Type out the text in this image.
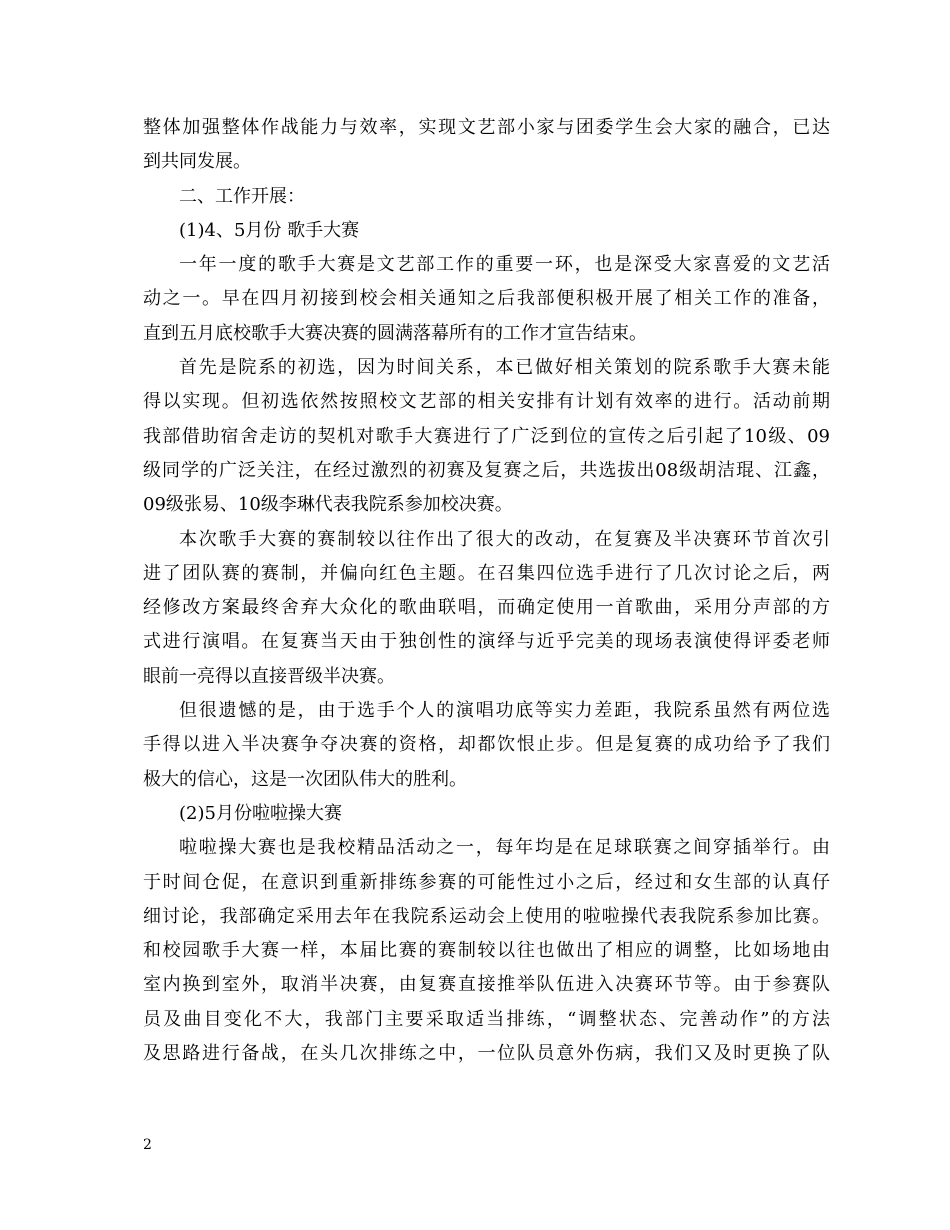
整体加强整体作战能力与效率，实现文艺部小家与团委学生会大家的融合，已达
到共同发展。
二、工作开展：
(1)4、5月份 歌手大赛
一年一度的歌手大赛是文艺部工作的重要一环，也是深受大家喜爱的文艺活
动之一。早在四月初接到校会相关通知之后我部便积极开展了相关工作的准备，
直到五月底校歌手大赛决赛的圆满落幕所有的工作才宣告结束。
首先是院系的初选，因为时间关系，本已做好相关策划的院系歌手大赛未能
得以实现。但初选依然按照校文艺部的相关安排有计划有效率的进行。活动前期
我部借助宿舍走访的契机对歌手大赛进行了广泛到位的宣传之后引起了10级、09
级同学的广泛关注，在经过激烈的初赛及复赛之后，共选拔出08级胡洁琨、江鑫，
09级张易、10级李琳代表我院系参加校决赛。
本次歌手大赛的赛制较以往作出了很大的改动，在复赛及半决赛环节首次引
进了团队赛的赛制，并偏向红色主题。在召集四位选手进行了几次讨论之后，两
经修改方案最终舍弃大众化的歌曲联唱，而确定使用一首歌曲，采用分声部的方
式进行演唱。在复赛当天由于独创性的演绎与近乎完美的现场表演使得评委老师
眼前一亮得以直接晋级半决赛。
但很遗憾的是，由于选手个人的演唱功底等实力差距，我院系虽然有两位选
手得以进入半决赛争夺决赛的资格，却都饮恨止步。但是复赛的成功给予了我们
极大的信心，这是一次团队伟大的胜利。
(2)5月份啦啦操大赛
啦啦操大赛也是我校精品活动之一，每年均是在足球联赛之间穿插举行。由
于时间仓促，在意识到重新排练参赛的可能性过小之后，经过和女生部的认真仔
细讨论，我部确定采用去年在我院系运动会上使用的啦啦操代表我院系参加比赛。
和校园歌手大赛一样，本届比赛的赛制较以往也做出了相应的调整，比如场地由
室内换到室外，取消半决赛，由复赛直接推举队伍进入决赛环节等。由于参赛队
员及曲目变化不大，我部门主要采取适当排练，“调整状态、完善动作”的方法
及思路进行备战，在头几次排练之中，一位队员意外伤病，我们又及时更换了队
2
